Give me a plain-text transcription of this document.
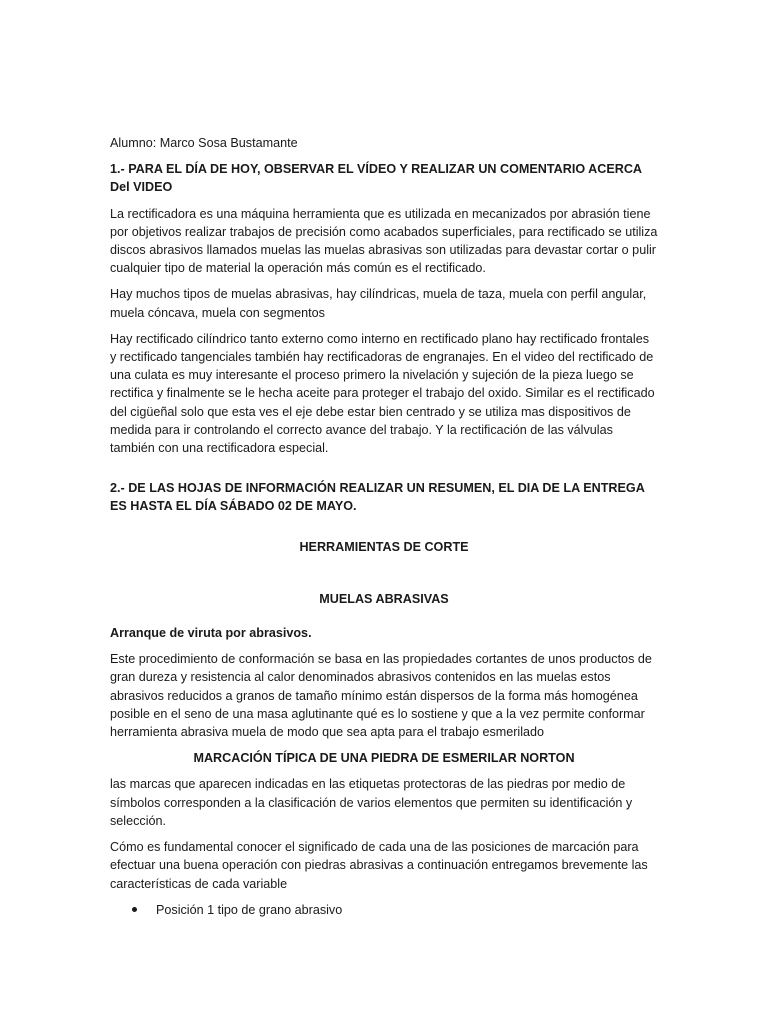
Alumno: Marco Sosa Bustamante

1.- PARA EL DÍA DE HOY, OBSERVAR EL VÍDEO Y REALIZAR UN COMENTARIO ACERCA Del VIDEO

La rectificadora es una máquina herramienta que es utilizada en mecanizados por abrasión tiene por objetivos realizar trabajos de precisión como acabados superficiales, para rectificado se utiliza discos abrasivos llamados muelas las muelas abrasivas son utilizadas para devastar cortar o pulir cualquier tipo de material la operación más común es el rectificado.

Hay muchos tipos de muelas abrasivas, hay cilíndricas, muela de taza, muela con perfil angular, muela cóncava, muela con segmentos

Hay rectificado cilíndrico tanto externo como interno en rectificado plano hay rectificado frontales y rectificado tangenciales también hay rectificadoras de engranajes. En el video del rectificado de una culata es muy interesante el proceso primero la nivelación y sujeción de la pieza luego se rectifica y finalmente se le hecha aceite para proteger el trabajo del oxido. Similar es el rectificado del cigüeñal solo que esta ves el eje debe estar bien centrado y se utiliza mas dispositivos de medida para ir controlando el correcto avance del trabajo. Y la rectificación de las válvulas también con una rectificadora especial.

2.- DE LAS HOJAS DE INFORMACIÓN REALIZAR UN RESUMEN, EL DIA DE LA ENTREGA ES HASTA EL DÍA SÁBADO 02 DE MAYO.

HERRAMIENTAS DE CORTE

MUELAS ABRASIVAS

Arranque de viruta por abrasivos.

Este procedimiento de conformación se basa en las propiedades cortantes de unos productos de gran dureza y resistencia al calor denominados abrasivos contenidos en las muelas estos abrasivos reducidos a granos de tamaño mínimo están dispersos de la forma más homogénea posible en el seno de una masa aglutinante qué es lo sostiene y que a la vez permite conformar herramienta abrasiva muela de modo que sea apta para el trabajo esmerilado

MARCACIÓN TÍPICA DE UNA PIEDRA DE ESMERILAR NORTON

las marcas que aparecen indicadas en las etiquetas protectoras de las piedras por medio de símbolos corresponden a la clasificación de varios elementos que permiten su identificación y selección.

Cómo es fundamental conocer el significado de cada una de las posiciones de marcación para efectuar una buena operación con piedras abrasivas a continuación entregamos brevemente las características de cada variable

Posición 1 tipo de grano abrasivo
